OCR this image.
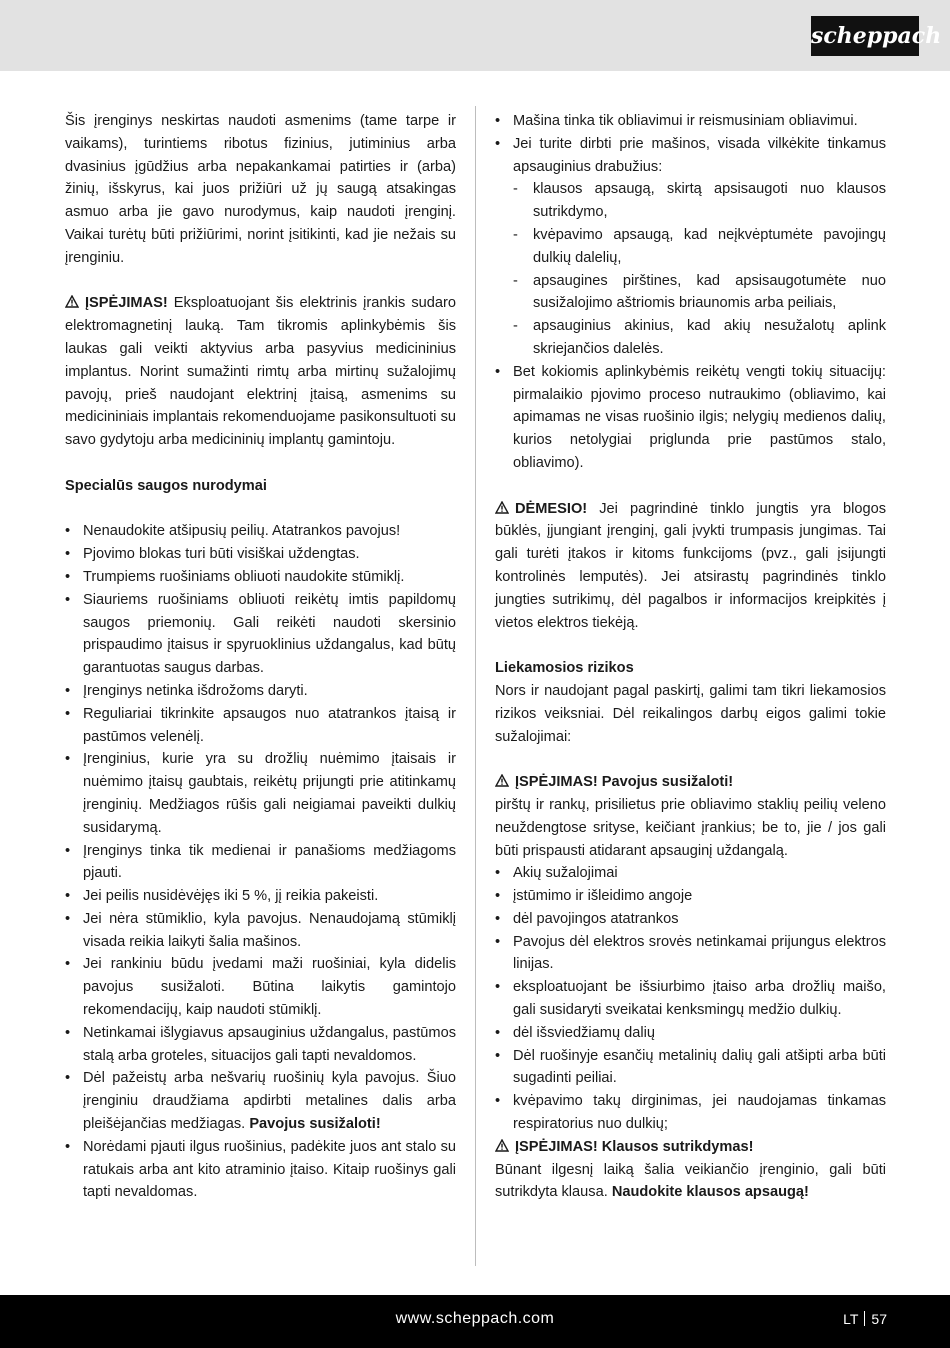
scheppach

Šis įrenginys neskirtas naudoti asmenims (tame tarpe ir vaikams), turintiems ribotus fizinius, jutiminius arba dvasinius įgūdžius arba nepakankamai patirties ir (arba) žinių, išskyrus, kai juos prižiūri už jų saugą atsakingas asmuo arba jie gavo nurodymus, kaip naudoti įrenginį. Vaikai turėtų būti prižiūrimi, norint įsitikinti, kad jie nežais su įrenginiu.

ĮSPĖJIMAS! Eksploatuojant šis elektrinis įrankis sudaro elektromagnetinį lauką. Tam tikromis aplinkybėmis šis laukas gali veikti aktyvius arba pasyvius medicininius implantus. Norint sumažinti rimtų arba mirtinų sužalojimų pavojų, prieš naudojant elektrinį įtaisą, asmenims su medicininiais implantais rekomenduojame pasikonsultuoti su savo gydytoju arba medicininių implantų gamintoju.

Specialūs saugos nurodymai

• Nenaudokite atšipusių peilių. Atatrankos pavojus!
• Pjovimo blokas turi būti visiškai uždengtas.
• Trumpiems ruošiniams obliuoti naudokite stūmiklį.
• Siauriems ruošiniams obliuoti reikėtų imtis papildomų saugos priemonių. Gali reikėti naudoti skersinio prispaudimo įtaisus ir spyruoklinius uždangalus, kad būtų garantuotas saugus darbas.
• Įrenginys netinka išdrožoms daryti.
• Reguliariai tikrinkite apsaugos nuo atatrankos įtaisą ir pastūmos velenėlį.
• Įrenginius, kurie yra su drožlių nuėmimo įtaisais ir nuėmimo įtaisų gaubtais, reikėtų prijungti prie atitinkamų įrenginių. Medžiagos rūšis gali neigiamai paveikti dulkių susidarymą.
• Įrenginys tinka tik medienai ir panašioms medžiagoms pjauti.
• Jei peilis nusidėvėjęs iki 5 %, jį reikia pakeisti.
• Jei nėra stūmiklio, kyla pavojus. Nenaudojamą stūmiklį visada reikia laikyti šalia mašinos.
• Jei rankiniu būdu įvedami maži ruošiniai, kyla didelis pavojus susižaloti. Būtina laikytis gamintojo rekomendacijų, kaip naudoti stūmiklį.
• Netinkamai išlygiavus apsauginius uždangalus, pastūmos stalą arba groteles, situacijos gali tapti nevaldomos.
• Dėl pažeistų arba nešvarių ruošinių kyla pavojus. Šiuo įrenginiu draudžiama apdirbti metalines dalis arba pleišėjančias medžiagas. Pavojus susižaloti!
• Norėdami pjauti ilgus ruošinius, padėkite juos ant stalo su ratukais arba ant kito atraminio įtaiso. Kitaip ruošinys gali tapti nevaldomas.
• Mašina tinka tik obliavimui ir reismusiniam obliavimui.
• Jei turite dirbti prie mašinos, visada vilkėkite tinkamus apsauginius drabužius:
- klausos apsaugą, skirtą apsisaugoti nuo klausos sutrikdymo,
- kvėpavimo apsaugą, kad neįkvėptumėte pavojingų dulkių dalelių,
- apsaugines pirštines, kad apsisaugotumėte nuo susižalojimo aštriomis briaunomis arba peiliais,
- apsauginius akinius, kad akių nesužalotų aplink skriejančios dalelės.
• Bet kokiomis aplinkybėmis reikėtų vengti tokių situacijų: pirmalaikio pjovimo proceso nutraukimo (obliavimo, kai apimamas ne visas ruošinio ilgis; nelygių medienos dalių, kurios netolygiai priglunda prie pastūmos stalo, obliavimo).

DĖMESIO! Jei pagrindinė tinklo jungtis yra blogos būklės, įjungiant įrenginį, gali įvykti trumpasis jungimas. Tai gali turėti įtakos ir kitoms funkcijoms (pvz., gali įsijungti kontrolinės lemputės). Jei atsirastų pagrindinės tinklo jungties sutrikimų, dėl pagalbos ir informacijos kreipkitės į vietos elektros tiekėją.

Liekamosios rizikos

Nors ir naudojant pagal paskirtį, galimi tam tikri liekamosios rizikos veiksniai. Dėl reikalingos darbų eigos galimi tokie sužalojimai:

ĮSPĖJIMAS! Pavojus susižaloti!

pirštų ir rankų, prisilietus prie obliavimo staklių peilių veleno neuždengtose srityse, keičiant įrankius; be to, jie / jos gali būti prispausti atidarant apsauginį uždangalą.

• Akių sužalojimai
• įstūmimo ir išleidimo angoje
• dėl pavojingos atatrankos
• Pavojus dėl elektros srovės netinkamai prijungus elektros linijas.
• eksploatuojant be išsiurbimo įtaiso arba drožlių maišo, gali susidaryti sveikatai kenksmingų medžio dulkių.
• dėl išsviedžiamų dalių
• Dėl ruošinyje esančių metalinių dalių gali atšipti arba būti sugadinti peiliai.
• kvėpavimo takų dirginimas, jei naudojamas tinkamas respiratorius nuo dulkių;

ĮSPĖJIMAS! Klausos sutrikdymas!

Būnant ilgesnį laiką šalia veikiančio įrenginio, gali būti sutrikdyta klausa. Naudokite klausos apsaugą!

www.scheppach.com	LT 57
